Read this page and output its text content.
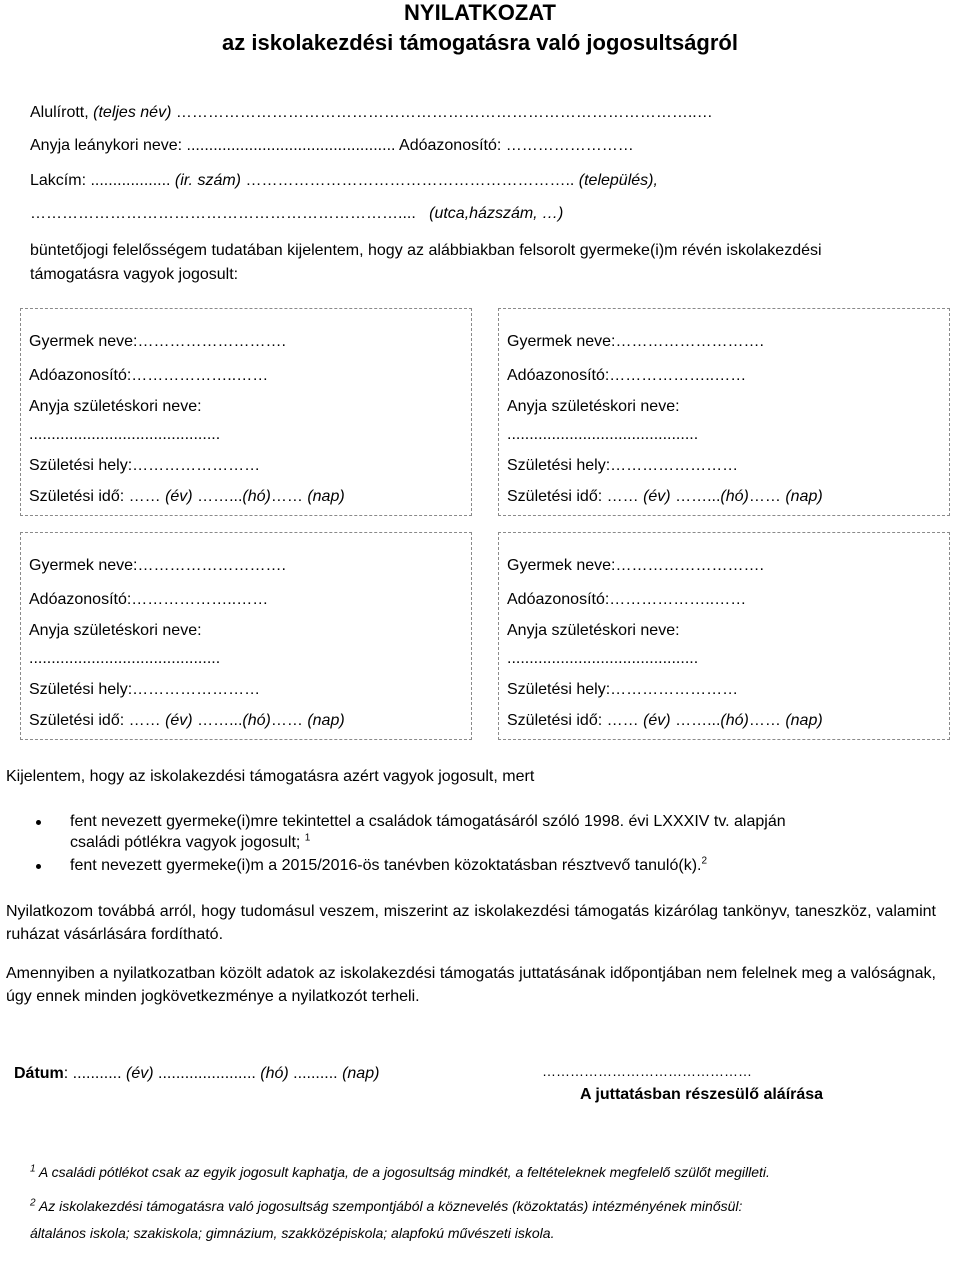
NYILATKOZAT
az iskolakezdési támogatásra való jogosultságról
Alulírott, (teljes név) ……………………………………………………………………………………..…
Anyja leánykori neve: ............................................... Adóazonosító: ……………………
Lakcím: .................. (ir. szám) …………………………………………………….. (település),
…………………………………………………………….... (utca,házszám, …)
büntetőjogi felelősségem tudatában kijelentem, hogy az alábbiakban felsorolt gyermeke(i)m révén iskolakezdési
támogatásra vagyok jogosult:
Gyermek neve:……………………….
Adóazonosító:………………..……
Anyja születéskori neve:
...........................................
Születési hely:……………………
Születési idő: …… (év) ……...(hó)…… (nap)
Gyermek neve:……………………….
Adóazonosító:………………..……
Anyja születéskori neve:
...........................................
Születési hely:……………………
Születési idő: …… (év) ……...(hó)…… (nap)
Gyermek neve:……………………….
Adóazonosító:………………..……
Anyja születéskori neve:
...........................................
Születési hely:……………………
Születési idő: …… (év) ……...(hó)…… (nap)
Gyermek neve:……………………….
Adóazonosító:………………..……
Anyja születéskori neve:
...........................................
Születési hely:……………………
Születési idő: …… (év) ……...(hó)…… (nap)
Kijelentem, hogy az iskolakezdési támogatásra azért vagyok jogosult, mert
fent nevezett gyermeke(i)mre tekintettel a családok támogatásáról szóló 1998. évi LXXXIV tv. alapján
családi pótlékra vagyok jogosult; $^1$
fent nevezett gyermeke(i)m a 2015/2016-ös tanévben közoktatásban résztvevő tanuló(k).$^2$
Nyilatkozom továbbá arról, hogy tudomásul veszem, miszerint az iskolakezdési támogatás kizárólag tankönyv, taneszköz, valamint ruházat vásárlására fordítható.
Amennyiben a nyilatkozatban közölt adatok az iskolakezdési támogatás juttatásának időpontjában nem felelnek meg a valóságnak, úgy ennek minden jogkövetkezménye a nyilatkozót terheli.
Dátum: ........... (év) ...................... (hó) .......... (nap)	………………………………………
A juttatásban részesülő aláírása
$^1$ A családi pótlékot csak az egyik jogosult kaphatja, de a jogosultság mindkét, a feltételeknek megfelelő szülőt megilleti.
$^2$ Az iskolakezdési támogatásra való jogosultság szempontjából a köznevelés (közoktatás) intézményének minősül:
általános iskola; szakiskola; gimnázium, szakközépiskola; alapfokú művészeti iskola.
